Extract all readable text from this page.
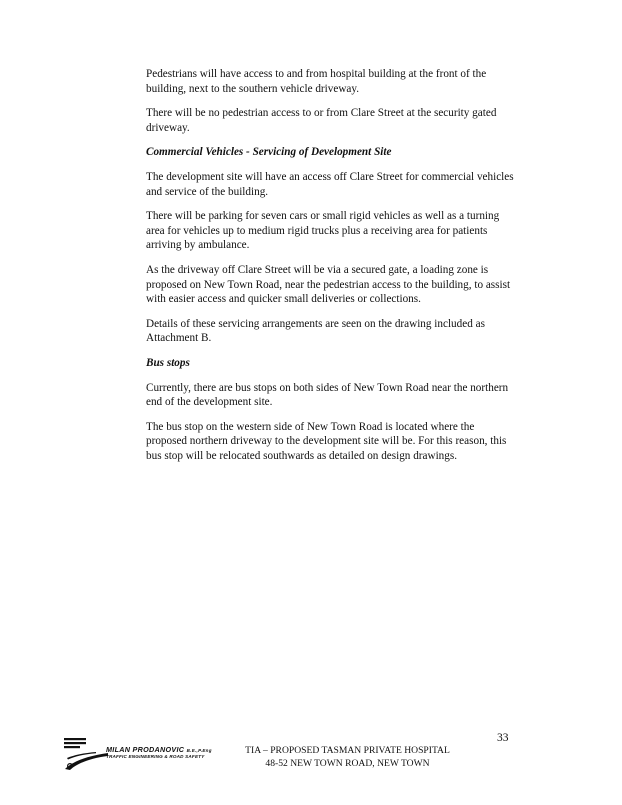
Pedestrians will have access to and from hospital building at the front of the building, next to the southern vehicle driveway.

There will be no pedestrian access to or from Clare Street at the security gated driveway.

Commercial Vehicles - Servicing of Development Site

The development site will have an access off Clare Street for commercial vehicles and service of the building.

There will be parking for seven cars or small rigid vehicles as well as a turning area for vehicles up to medium rigid trucks plus a receiving area for patients arriving by ambulance.

As the driveway off Clare Street will be via a secured gate, a loading zone is proposed on New Town Road, near the pedestrian access to the building, to assist with easier access and quicker small deliveries or collections.

Details of these servicing arrangements are seen on the drawing included as Attachment B.

Bus stops

Currently, there are bus stops on both sides of New Town Road near the northern end of the development site.

The bus stop on the western side of New Town Road is located where the proposed northern driveway to the development site will be. For this reason, this bus stop will be relocated southwards as detailed on design drawings.

33
MILAN PRODANOVIC B.E.,P.Eng
TRAFFIC ENGINEERING & ROAD SAFETY
TIA – PROPOSED TASMAN PRIVATE HOSPITAL
48-52 NEW TOWN ROAD, NEW TOWN
